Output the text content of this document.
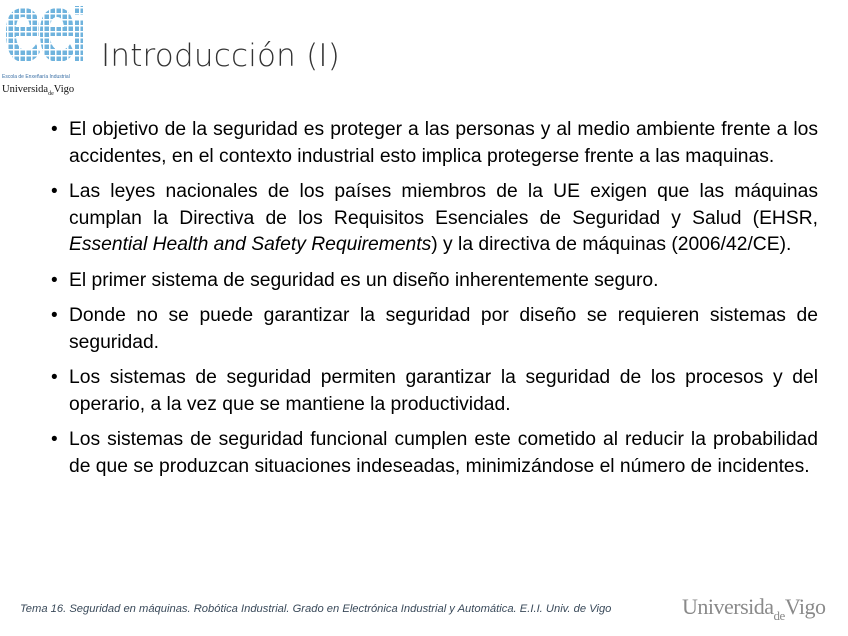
Escola de Enxeñaría Industrial
Universida$_{de}$Vigo
Introducción (I)
• El objetivo de la seguridad es proteger a las personas y al medio ambiente frente a los accidentes, en el contexto industrial esto implica protegerse frente a las maquinas.
• Las leyes nacionales de los países miembros de la UE exigen que las máquinas cumplan la Directiva de los Requisitos Esenciales de Seguridad y Salud (EHSR, Essential Health and Safety Requirements) y la directiva de máquinas (2006/42/CE).
• El primer sistema de seguridad es un diseño inherentemente seguro.
• Donde no se puede garantizar la seguridad por diseño se requieren sistemas de seguridad.
• Los sistemas de seguridad permiten garantizar la seguridad de los procesos y del operario, a la vez que se mantiene la productividad.
• Los sistemas de seguridad funcional cumplen este cometido al reducir la probabilidad de que se produzcan situaciones indeseadas, minimizándose el número de incidentes.
Tema 16. Seguridad en máquinas. Robótica Industrial. Grado en Electrónica Industrial y Automática. E.I.I. Univ. de Vigo	Universida$_{de}$Vigo
